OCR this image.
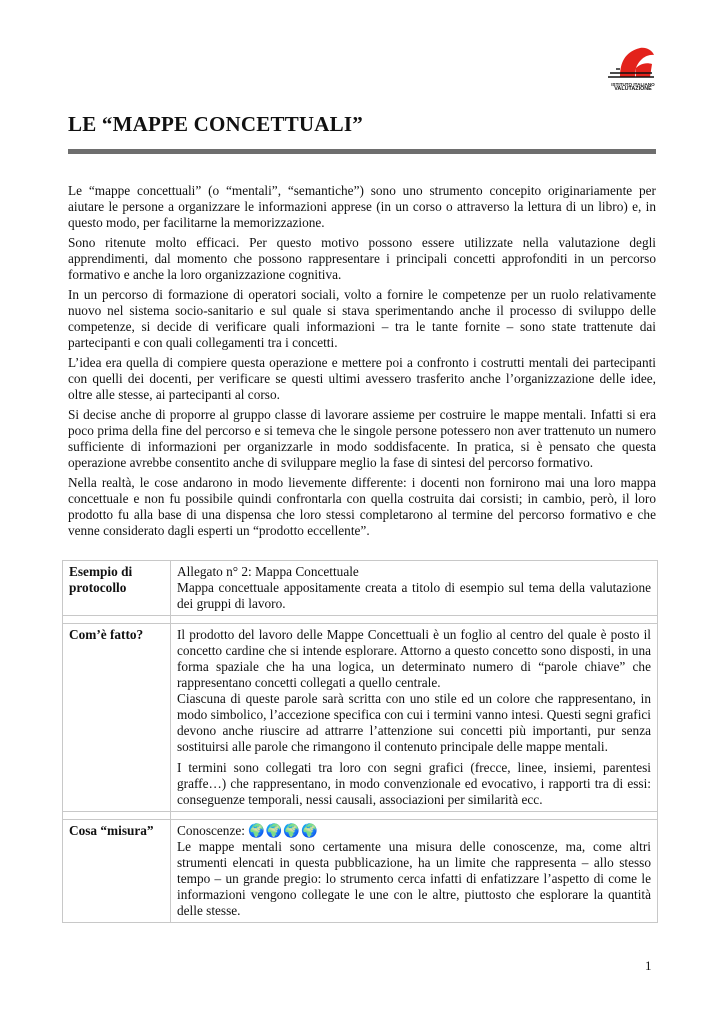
ISTITUTO ITALIANO
VALUTAZIONE
LE “MAPPE CONCETTUALI”

Le “mappe concettuali” (o “mentali”, “semantiche”) sono uno strumento concepito originariamente per aiutare le persone a organizzare le informazioni apprese (in un corso o attraverso la lettura di un libro) e, in questo modo, per facilitarne la memorizzazione.

Sono ritenute molto efficaci. Per questo motivo possono essere utilizzate nella valutazione degli apprendimenti, dal momento che possono rappresentare i principali concetti approfonditi in un percorso formativo e anche la loro organizzazione cognitiva.

In un percorso di formazione di operatori sociali, volto a fornire le competenze per un ruolo relativamente nuovo nel sistema socio-sanitario e sul quale si stava sperimentando anche il processo di sviluppo delle competenze, si decide di verificare quali informazioni – tra le tante fornite – sono state trattenute dai partecipanti e con quali collegamenti tra i concetti.

L’idea era quella di compiere questa operazione e mettere poi a confronto i costrutti mentali dei partecipanti con quelli dei docenti, per verificare se questi ultimi avessero trasferito anche l’organizzazione delle idee, oltre alle stesse, ai partecipanti al corso.

Si decise anche di proporre al gruppo classe di lavorare assieme per costruire le mappe mentali. Infatti si era poco prima della fine del percorso e si temeva che le singole persone potessero non aver trattenuto un numero sufficiente di informazioni per organizzarle in modo soddisfacente. In pratica, si è pensato che questa operazione avrebbe consentito anche di sviluppare meglio la fase di sintesi del percorso formativo.

Nella realtà, le cose andarono in modo lievemente differente: i docenti non fornirono mai una loro mappa concettuale e non fu possibile quindi confrontarla con quella costruita dai corsisti; in cambio, però, il loro prodotto fu alla base di una dispensa che loro stessi completarono al termine del percorso formativo e che venne considerato dagli esperti un “prodotto eccellente”.

Esempio di protocollo	Allegato n° 2: Mappa Concettuale

Mappa concettuale appositamente creata a titolo di esempio sul tema della valutazione dei gruppi di lavoro.

Com’è fatto?	Il prodotto del lavoro delle Mappe Concettuali è un foglio al centro del quale è posto il concetto cardine che si intende esplorare. Attorno a questo concetto sono disposti, in una forma spaziale che ha una logica, un determinato numero di “parole chiave” che rappresentano concetti collegati a quello centrale.

Ciascuna di queste parole sarà scritta con uno stile ed un colore che rappresentano, in modo simbolico, l’accezione specifica con cui i termini vanno intesi. Questi segni grafici devono anche riuscire ad attrarre l’attenzione sui concetti più importanti, pur senza sostituirsi alle parole che rimangono il contenuto principale delle mappe mentali.

I termini sono collegati tra loro con segni grafici (frecce, linee, insiemi, parentesi graffe…) che rappresentano, in modo convenzionale ed evocativo, i rapporti tra di essi: conseguenze temporali, nessi causali, associazioni per similarità ecc.

Cosa “misura”	Conoscenze: 🌍🌍🌍🌍

Le mappe mentali sono certamente una misura delle conoscenze, ma, come altri strumenti elencati in questa pubblicazione, ha un limite che rappresenta – allo stesso tempo – un grande pregio: lo strumento cerca infatti di enfatizzare l’aspetto di come le informazioni vengono collegate le une con le altre, piuttosto che esplorare la quantità delle stesse.

1
